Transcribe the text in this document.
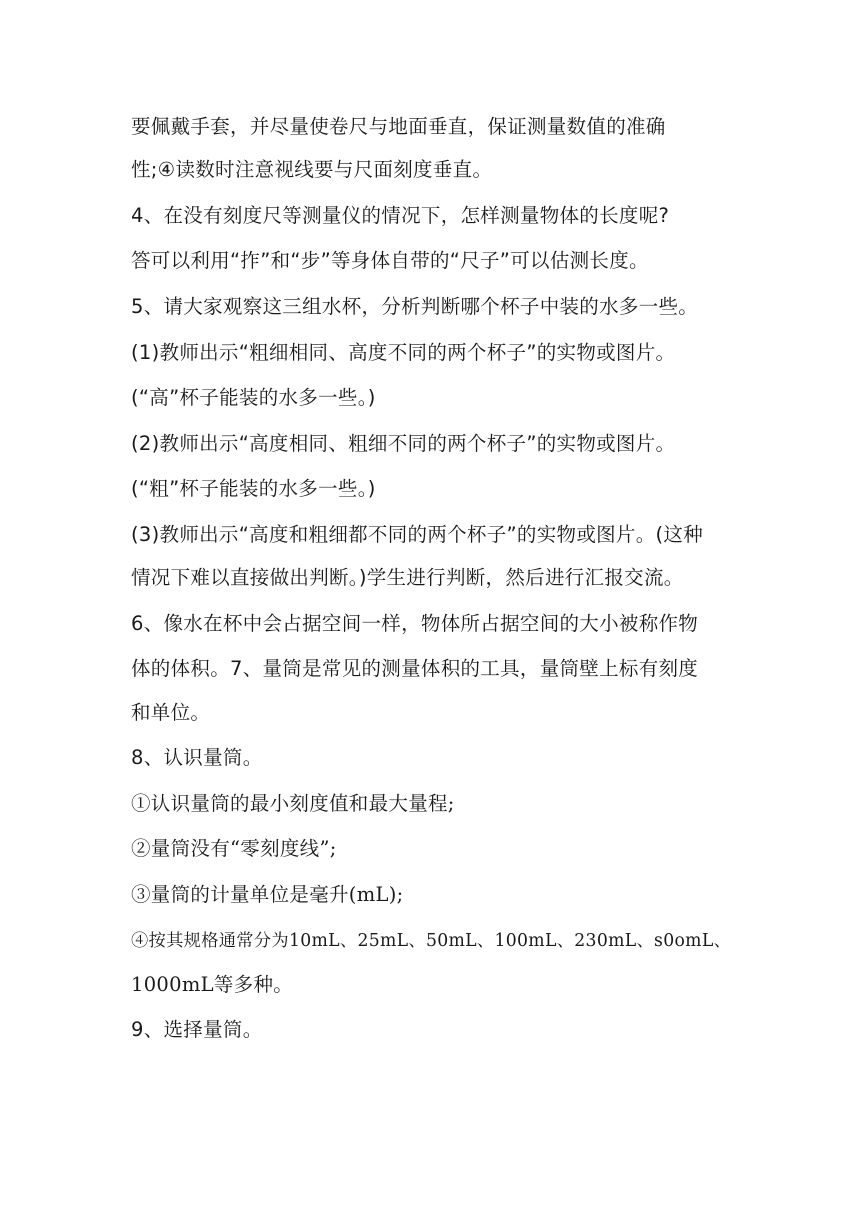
要佩戴手套，并尽量使卷尺与地面垂直，保证测量数值的准确
性;④读数时注意视线要与尺面刻度垂直。
4、在没有刻度尺等测量仪的情况下，怎样测量物体的长度呢?
答可以利用“拃”和“步”等身体自带的“尺子”可以估测长度。
5、请大家观察这三组水杯，分析判断哪个杯子中装的水多一些。
(1)教师出示“粗细相同、高度不同的两个杯子”的实物或图片。
(“高”杯子能装的水多一些。)
(2)教师出示“高度相同、粗细不同的两个杯子”的实物或图片。
(“粗”杯子能装的水多一些。)
(3)教师出示“高度和粗细都不同的两个杯子”的实物或图片。(这种
情况下难以直接做出判断。)学生进行判断，然后进行汇报交流。
6、像水在杯中会占据空间一样，物体所占据空间的大小被称作物
体的体积。7、量筒是常见的测量体积的工具，量筒壁上标有刻度
和单位。
8、认识量筒。
①认识量筒的最小刻度值和最大量程;
②量筒没有“零刻度线”;
③量筒的计量单位是毫升(mL);
④按其规格通常分为10mL、25mL、50mL、100mL、230mL、s0omL、
1000mL等多种。
9、选择量筒。
